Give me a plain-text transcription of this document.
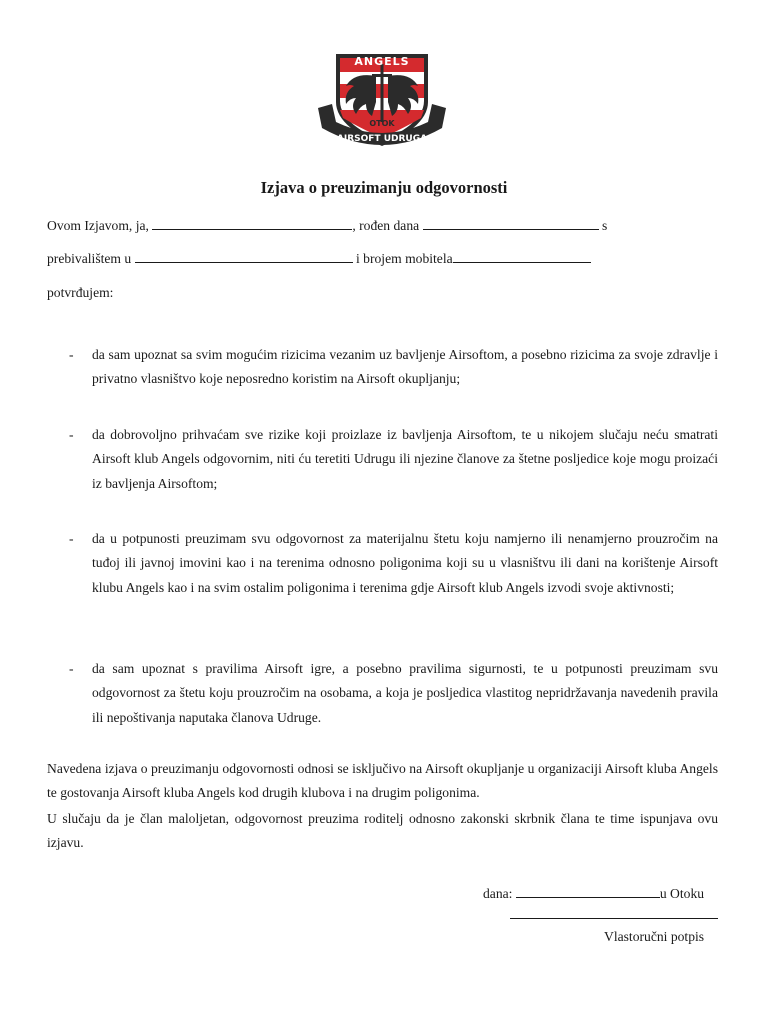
ANGELS
OTOK
AIRSOFT UDRUGA
Izjava o preuzimanju odgovornosti
Ovom Izjavom, ja,	, rođen dana	s
prebivalištem u	i brojem mobitela
potvrđujem:
- da sam upoznat sa svim mogućim rizicima vezanim uz bavljenje Airsoftom, a posebno rizicima za svoje zdravlje i privatno vlasništvo koje neposredno koristim na Airsoft okupljanju;
- da dobrovoljno prihvaćam sve rizike koji proizlaze iz bavljenja Airsoftom, te u nikojem slučaju neću smatrati Airsoft klub Angels odgovornim, niti ću teretiti Udrugu ili njezine članove za štetne posljedice koje mogu proizaći iz bavljenja Airsoftom;
- da u potpunosti preuzimam svu odgovornost za materijalnu štetu koju namjerno ili nenamjerno prouzročim na tuđoj ili javnoj imovini kao i na terenima odnosno poligonima koji su u vlasništvu ili dani na korištenje Airsoft klubu Angels kao i na svim ostalim poligonima i terenima gdje Airsoft klub Angels izvodi svoje aktivnosti;
- da sam upoznat s pravilima Airsoft igre, a posebno pravilima sigurnosti, te u potpunosti preuzimam svu odgovornost za štetu koju prouzročim na osobama, a koja je posljedica vlastitog nepridržavanja navedenih pravila ili nepoštivanja naputaka članova Udruge.
Navedena izjava o preuzimanju odgovornosti odnosi se isključivo na Airsoft okupljanje u organizaciji Airsoft kluba Angels te gostovanja Airsoft kluba Angels kod drugih klubova i na drugim poligonima.
U slučaju da je član maloljetan, odgovornost preuzima roditelj odnosno zakonski skrbnik člana te time ispunjava ovu izjavu.
dana:	u Otoku
Vlastoručni potpis
